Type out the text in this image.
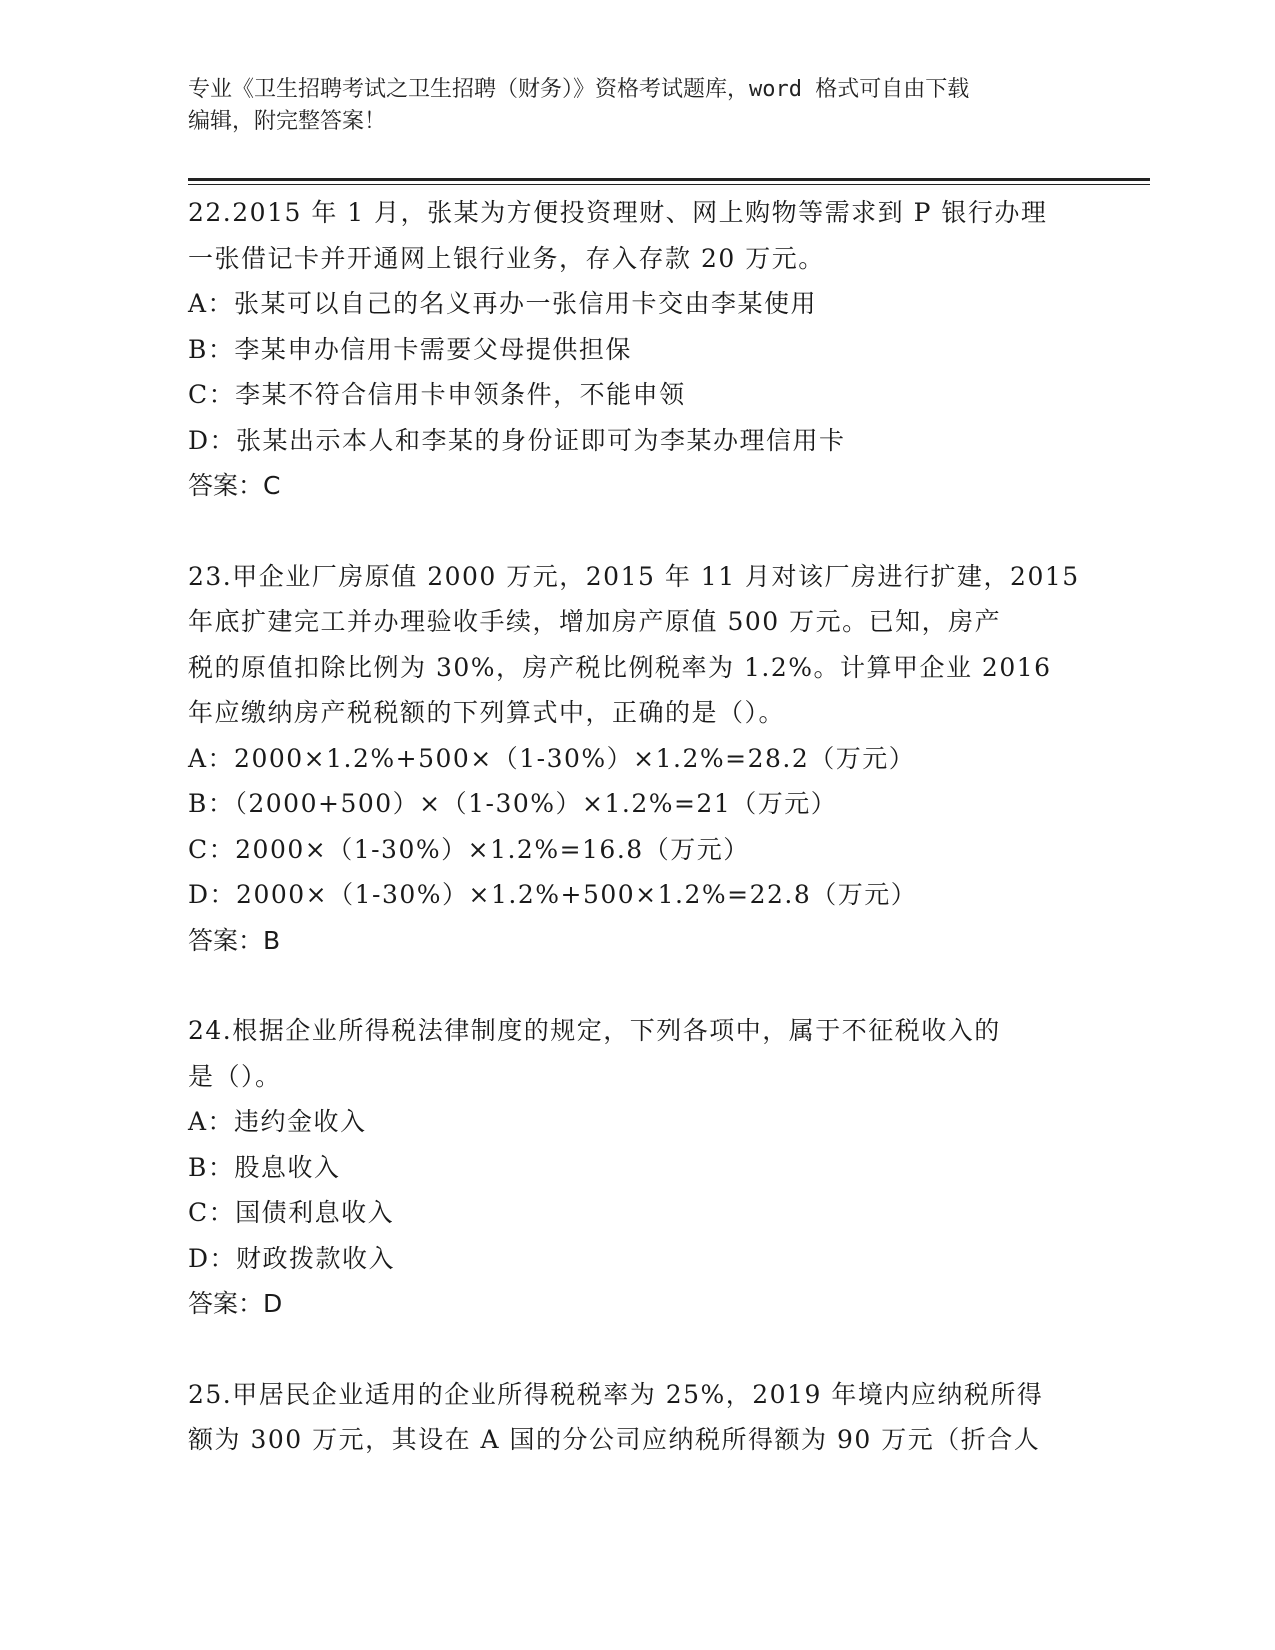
专业《卫生招聘考试之卫生招聘（财务）》资格考试题库，word 格式可自由下载
编辑，附完整答案！

22.2015 年 1 月，张某为方便投资理财、网上购物等需求到 P 银行办理

一张借记卡并开通网上银行业务，存入存款 20 万元。

A：张某可以自己的名义再办一张信用卡交由李某使用

B：李某申办信用卡需要父母提供担保

C：李某不符合信用卡申领条件，不能申领

D：张某出示本人和李某的身份证即可为李某办理信用卡

答案：C

23.甲企业厂房原值 2000 万元，2015 年 11 月对该厂房进行扩建，2015

年底扩建完工并办理验收手续，增加房产原值 500 万元。已知，房产

税的原值扣除比例为 30%，房产税比例税率为 1.2%。计算甲企业 2016

年应缴纳房产税税额的下列算式中，正确的是（）。

A：2000×1.2%+500×（1-30%）×1.2%=28.2（万元）

B：（2000+500）×（1-30%）×1.2%=21（万元）

C：2000×（1-30%）×1.2%=16.8（万元）

D：2000×（1-30%）×1.2%+500×1.2%=22.8（万元）

答案：B

24.根据企业所得税法律制度的规定，下列各项中，属于不征税收入的

是（）。

A：违约金收入

B：股息收入

C：国债利息收入

D：财政拨款收入

答案：D

25.甲居民企业适用的企业所得税税率为 25%，2019 年境内应纳税所得

额为 300 万元，其设在 A 国的分公司应纳税所得额为 90 万元（折合人
